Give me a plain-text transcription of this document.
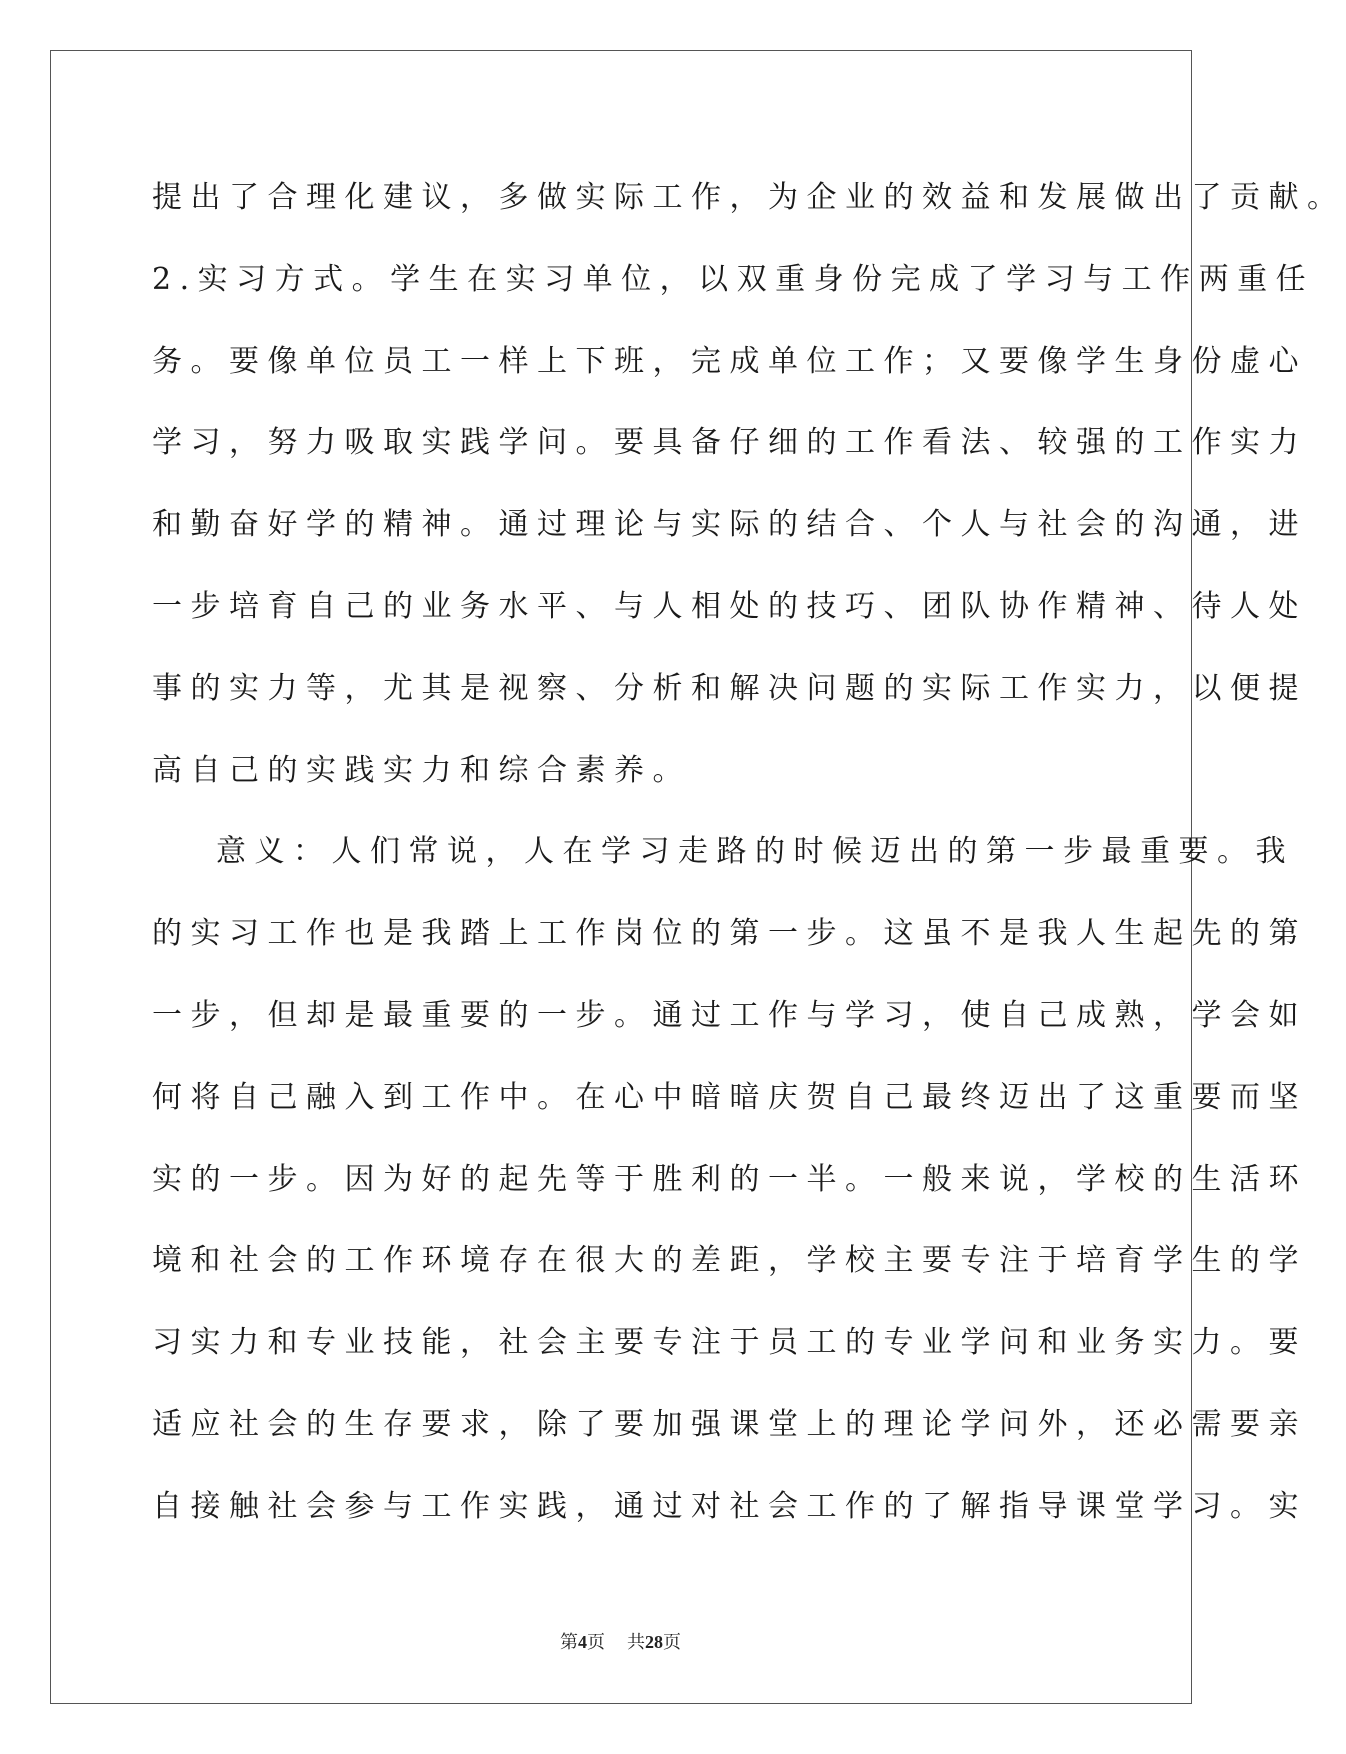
提出了合理化建议，多做实际工作，为企业的效益和发展做出了贡献。
2.实习方式。学生在实习单位，以双重身份完成了学习与工作两重任
务。要像单位员工一样上下班，完成单位工作；又要像学生身份虚心
学习，努力吸取实践学问。要具备仔细的工作看法、较强的工作实力
和勤奋好学的精神。通过理论与实际的结合、个人与社会的沟通，进
一步培育自己的业务水平、与人相处的技巧、团队协作精神、待人处
事的实力等，尤其是视察、分析和解决问题的实际工作实力，以便提
高自己的实践实力和综合素养。
意义：人们常说，人在学习走路的时候迈出的第一步最重要。我
的实习工作也是我踏上工作岗位的第一步。这虽不是我人生起先的第
一步，但却是最重要的一步。通过工作与学习，使自己成熟，学会如
何将自己融入到工作中。在心中暗暗庆贺自己最终迈出了这重要而坚
实的一步。因为好的起先等于胜利的一半。一般来说，学校的生活环
境和社会的工作环境存在很大的差距，学校主要专注于培育学生的学
习实力和专业技能，社会主要专注于员工的专业学问和业务实力。要
适应社会的生存要求，除了要加强课堂上的理论学问外，还必需要亲
自接触社会参与工作实践，通过对社会工作的了解指导课堂学习。实
第4页 共28页
